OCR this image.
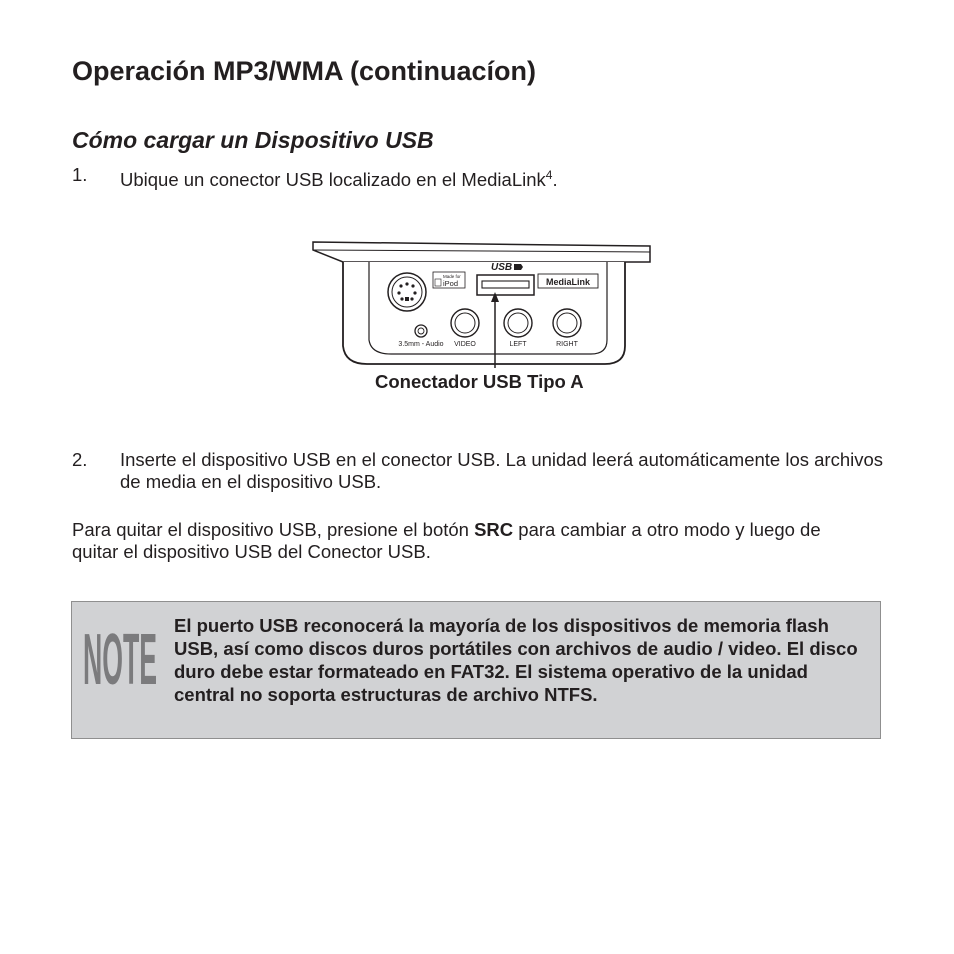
Operación MP3/WMA (continuacíon)
Cómo cargar un Dispositivo USB
1.	Ubique un conector USB localizado en el MediaLink$^4$.
Made for
iPod
USB
MediaLink
3.5mm - Audio VIDEO	LEFT	RIGHT
Conectador USB Tipo A
2.	Inserte el dispositivo USB en el conector USB. La unidad leerá automáticamente los archivos de media en el dispositivo USB.
Para quitar el dispositivo USB, presione el botón SRC para cambiar a otro modo y luego de quitar el dispositivo USB del Conector USB.
NOTE El puerto USB reconocerá la mayoría de los dispositivos de memoria flash USB, así como discos duros portátiles con archivos de audio / video. El disco duro debe estar formateado en FAT32. El sistema operativo de la unidad central no soporta estructuras de archivo NTFS.
